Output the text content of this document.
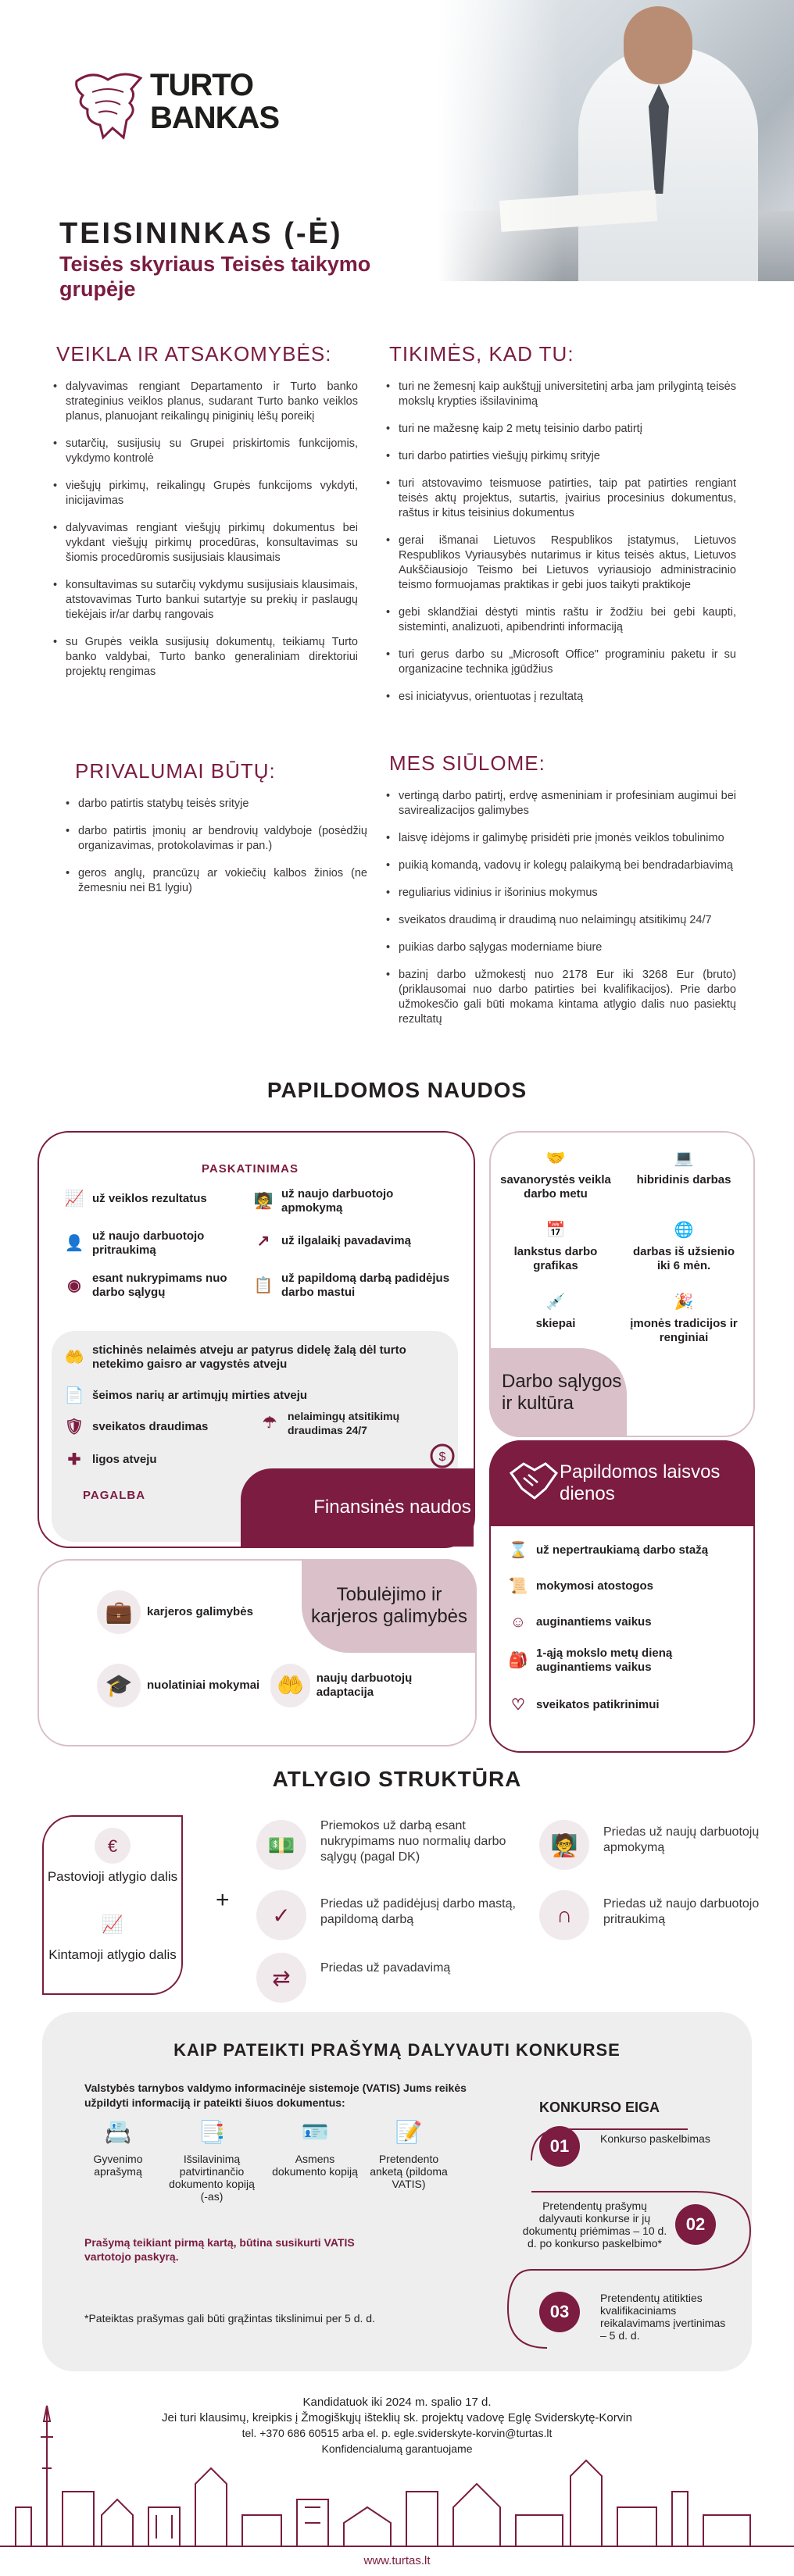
TURTO
BANKAS
TEISININKAS (-Ė)
Teisės skyriaus Teisės taikymo grupėje
VEIKLA IR ATSAKOMYBĖS:
• dalyvavimas rengiant Departamento ir Turto banko strateginius veiklos planus, sudarant Turto banko veiklos planus, planuojant reikalingų piniginių lėšų poreikį
• sutarčių, susijusių su Grupei priskirtomis funkcijomis, vykdymo kontrolė
• viešųjų pirkimų, reikalingų Grupės funkcijoms vykdyti, inicijavimas
• dalyvavimas rengiant viešųjų pirkimų dokumentus bei vykdant viešųjų pirkimų procedūras, konsultavimas su šiomis procedūromis susijusiais klausimais
• konsultavimas su sutarčių vykdymu susijusiais klausimais, atstovavimas Turto bankui sutartyje su prekių ir paslaugų tiekėjais ir/ar darbų rangovais
• su Grupės veikla susijusių dokumentų, teikiamų Turto banko valdybai, Turto banko generaliniam direktoriui projektų rengimas
TIKIMĖS, KAD TU:
• turi ne žemesnį kaip aukštųjį universitetinį arba jam prilygintą teisės mokslų krypties išsilavinimą
• turi ne mažesnę kaip 2 metų teisinio darbo patirtį
• turi darbo patirties viešųjų pirkimų srityje
• turi atstovavimo teismuose patirties, taip pat patirties rengiant teisės aktų projektus, sutartis, įvairius procesinius dokumentus, raštus ir kitus teisinius dokumentus
• gerai išmanai Lietuvos Respublikos įstatymus, Lietuvos Respublikos Vyriausybės nutarimus ir kitus teisės aktus, Lietuvos Aukščiausiojo Teismo bei Lietuvos vyriausiojo administracinio teismo formuojamas praktikas ir gebi juos taikyti praktikoje
• gebi sklandžiai dėstyti mintis raštu ir žodžiu bei gebi kaupti, sisteminti, analizuoti, apibendrinti informaciją
• turi gerus darbo su „Microsoft Office" programiniu paketu ir su organizacine technika įgūdžius
• esi iniciatyvus, orientuotas į rezultatą
PRIVALUMAI BŪTŲ:
• darbo patirtis statybų teisės srityje
• darbo patirtis įmonių ar bendrovių valdyboje (posėdžių organizavimas, protokolavimas ir pan.)
• geros anglų, prancūzų ar vokiečių kalbos žinios (ne žemesniu nei B1 lygiu)
MES SIŪLOME:
• vertingą darbo patirtį, erdvę asmeniniam ir profesiniam augimui bei savirealizacijos galimybes
• laisvę idėjoms ir galimybę prisidėti prie įmonės veiklos tobulinimo
• puikią komandą, vadovų ir kolegų palaikymą bei bendradarbiavimą
• reguliarius vidinius ir išorinius mokymus
• sveikatos draudimą ir draudimą nuo nelaimingų atsitikimų 24/7
• puikias darbo sąlygas moderniame biure
• bazinį darbo užmokestį nuo 2178 Eur iki 3268 Eur (bruto) (priklausomai nuo darbo patirties bei kvalifikacijos). Prie darbo užmokesčio gali būti mokama kintama atlygio dalis nuo pasiektų rezultatų
PAPILDOMOS NAUDOS
PASKATINIMAS
📈 už veiklos rezultatus	🧑‍🏫 už naujo darbuotojo apmokymą
👤 už naujo darbuotojo pritraukimą
↗ už ilgalaikį pavadavimą
◉ esant nukrypimams nuo darbo sąlygų	📋 už papildomą darbą padidėjus darbo mastui
🤲 stichinės nelaimės atveju ar patyrus didelę žalą dėl turto netekimo gaisro ar vagystės atveju
📄 šeimos narių ar artimųjų mirties atveju
🛡 sveikatos draudimas	☂	nelaimingų atsitikimų draudimas 24/7
✚ ligos atveju
PAGALBA
Finansinės naudos
$
🤝
savanorystės veikla darbo metu
💻
hibridinis darbas
📅
lankstus darbo grafikas
🌐
darbas iš užsienio iki 6 mėn.
💉
skiepai
🎉
įmonės tradicijos ir renginiai
Darbo sąlygos ir kultūra
Papildomos laisvos dienos
⌛ už nepertraukiamą darbo stažą
📜 mokymosi atostogos
☺ auginantiems vaikus
🎒 1-ąją mokslo metų dieną auginantiems vaikus
♡ sveikatos patikrinimui
Tobulėjimo ir karjeros galimybės
💼	karjeros galimybės
🎓	nuolatiniai mokymai 🤲	naujų darbuotojų adaptacija
ATLYGIO STRUKTŪRA
€
Pastovioji atlygio dalis
📈
Kintamoji atlygio dalis
+
💵
Priemokos už darbą esant nukrypimams nuo normalių darbo sąlygų (pagal DK)	🧑‍🏫
Priedas už naujų darbuotojų apmokymą
✓	Priedas už padidėjusį darbo mastą, papildomą darbą	∩	Priedas už naujo darbuotojo pritraukimą
⇄	Priedas už pavadavimą
KAIP PATEIKTI PRAŠYMĄ DALYVAUTI KONKURSE
Valstybės tarnybos valdymo informacinėje sistemoje (VATIS) Jums reikės užpildyti informaciją ir pateikti šiuos dokumentus:
📇
Gyvenimo aprašymą
📑
Išsilavinimą patvirtinančio dokumento kopiją (-as)
🪪
Asmens dokumento kopiją
📝
Pretendento anketą (pildoma VATIS)
Prašymą teikiant pirmą kartą, būtina susikurti VATIS vartotojo paskyrą.
*Pateiktas prašymas gali būti grąžintas tikslinimui per 5 d. d.
KONKURSO EIGA
01	Konkurso paskelbimas
02
Pretendentų prašymų dalyvauti konkurse ir jų dokumentų priėmimas – 10 d. d. po konkurso paskelbimo*
03
Pretendentų atitikties kvalifikaciniams reikalavimams įvertinimas – 5 d. d.
Kandidatuok iki 2024 m. spalio 17 d.
Jei turi klausimų, kreipkis į Žmogiškųjų išteklių sk. projektų vadovę Eglę Sviderskytę-Korvin
tel. +370 686 60515 arba el. p. egle.sviderskyte-korvin@turtas.lt
Konfidencialumą garantuojame
www.turtas.lt
